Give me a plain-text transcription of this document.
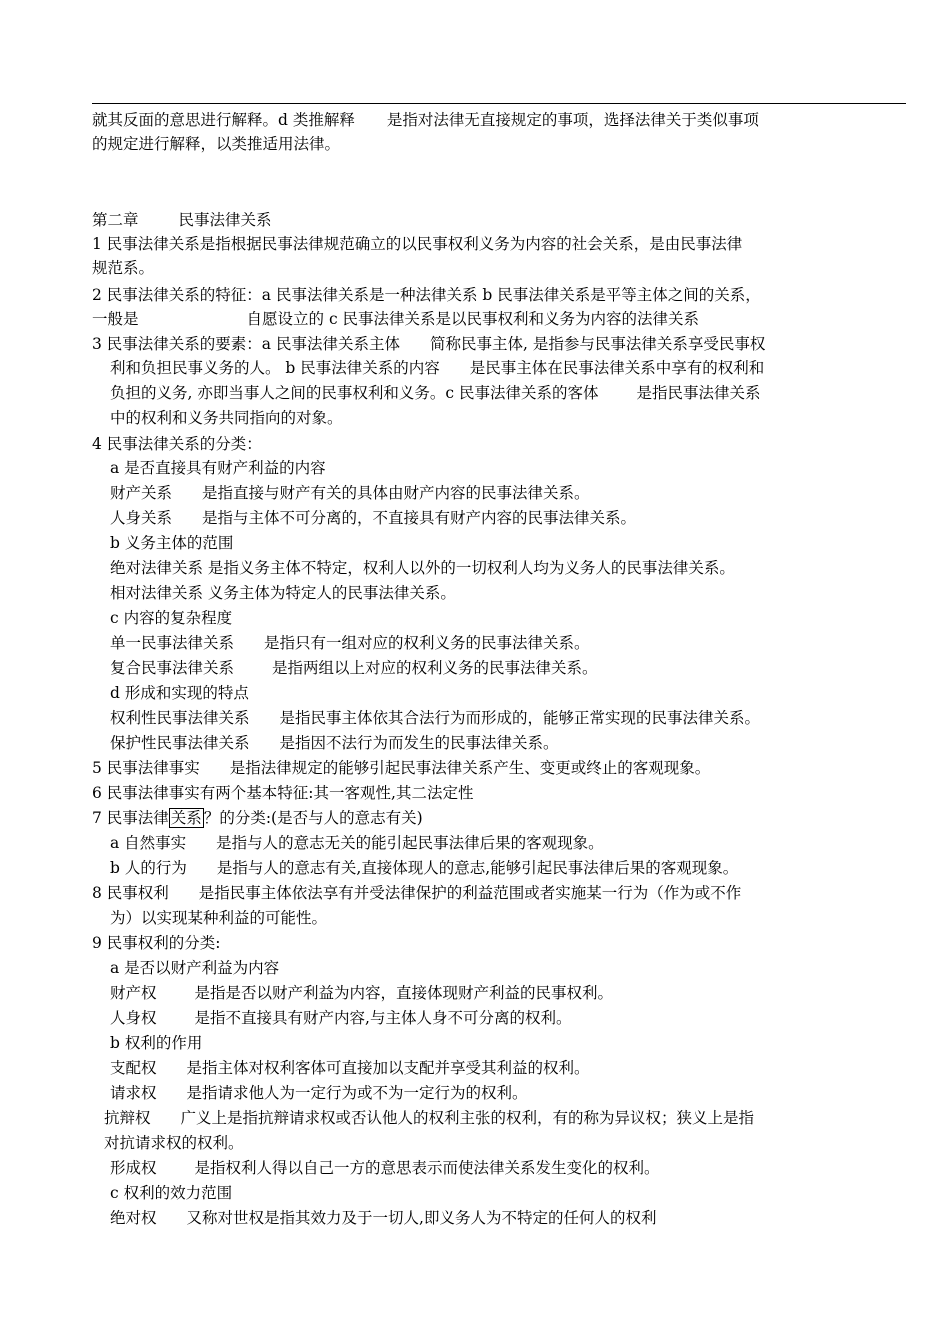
就其反面的意思进行解释。d 类推解释 是指对法律无直接规定的事项，选择法律关于类似事项
的规定进行解释，以类推适用法律。
第二章	民事法律关系
1 民事法律关系是指根据民事法律规范确立的以民事权利义务为内容的社会关系，是由民事法律
规范系。
2 民事法律关系的特征：a 民事法律关系是一种法律关系 b 民事法律关系是平等主体之间的关系，
一般是	自愿设立的 c 民事法律关系是以民事权利和义务为内容的法律关系
3 民事法律关系的要素：a 民事法律关系主体 简称民事主体, 是指参与民事法律关系享受民事权
利和负担民事义务的人。 b 民事法律关系的内容 是民事主体在民事法律关系中享有的权利和
负担的义务, 亦即当事人之间的民事权利和义务。c 民事法律关系的客体 是指民事法律关系
中的权利和义务共同指向的对象。
4 民事法律关系的分类：
a 是否直接具有财产利益的内容
财产关系 是指直接与财产有关的具体由财产内容的民事法律关系。
人身关系 是指与主体不可分离的，不直接具有财产内容的民事法律关系。
b 义务主体的范围
绝对法律关系 是指义务主体不特定，权利人以外的一切权利人均为义务人的民事法律关系。
相对法律关系 义务主体为特定人的民事法律关系。
c 内容的复杂程度
单一民事法律关系 是指只有一组对应的权利义务的民事法律关系。
复合民事法律关系 是指两组以上对应的权利义务的民事法律关系。
d 形成和实现的特点
权利性民事法律关系 是指民事主体依其合法行为而形成的，能够正常实现的民事法律关系。
保护性民事法律关系 是指因不法行为而发生的民事法律关系。
5 民事法律事实 是指法律规定的能够引起民事法律关系产生、变更或终止的客观现象。
6 民事法律事实有两个基本特征:其一客观性,其二法定性
7 民事法律 关系 ？的分类:(是否与人的意志有关)
a 自然事实 是指与人的意志无关的能引起民事法律后果的客观现象。
b 人的行为 是指与人的意志有关,直接体现人的意志,能够引起民事法律后果的客观现象。
8 民事权利 是指民事主体依法享有并受法律保护的利益范围或者实施某一行为（作为或不作
为）以实现某种利益的可能性。
9 民事权利的分类:
a 是否以财产利益为内容
财产权 是指是否以财产利益为内容，直接体现财产利益的民事权利。
人身权 是指不直接具有财产内容,与主体人身不可分离的权利。
b 权利的作用
支配权 是指主体对权利客体可直接加以支配并享受其利益的权利。
请求权 是指请求他人为一定行为或不为一定行为的权利。
抗辩权 广义上是指抗辩请求权或否认他人的权利主张的权利，有的称为异议权；狭义上是指
对抗请求权的权利。
形成权 是指权利人得以自己一方的意思表示而使法律关系发生变化的权利。
c 权利的效力范围
绝对权 又称对世权是指其效力及于一切人,即义务人为不特定的任何人的权利
